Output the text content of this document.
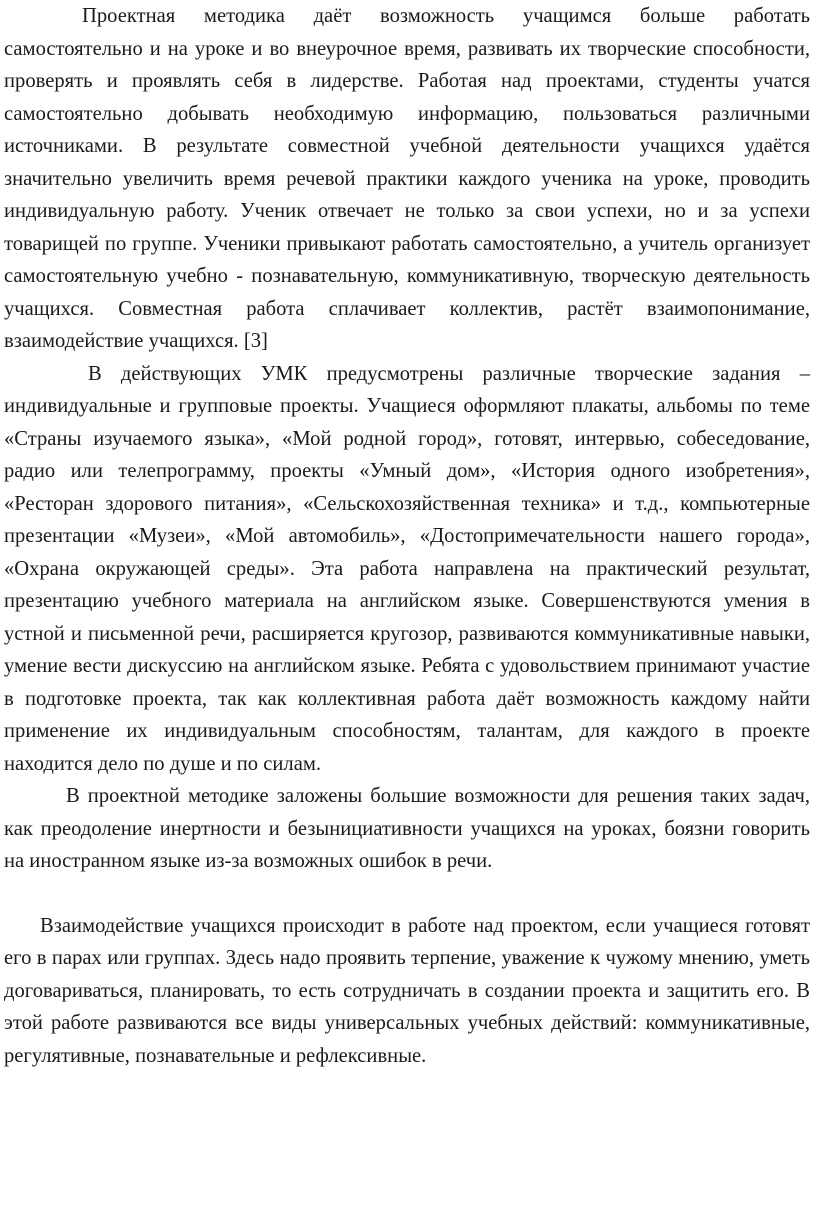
Проектная методика даёт возможность учащимся больше работать самостоятельно и на уроке и во внеурочное время, развивать их творческие способности, проверять и проявлять себя в лидерстве. Работая над проектами, студенты учатся самостоятельно добывать необходимую информацию, пользоваться различными источниками. В результате совместной учебной деятельности учащихся удаётся значительно увеличить время речевой практики каждого ученика на уроке, проводить индивидуальную работу. Ученик отвечает не только за свои успехи, но и за успехи товарищей по группе. Ученики привыкают работать самостоятельно, а учитель организует самостоятельную учебно - познавательную, коммуникативную, творческую деятельность учащихся. Совместная работа сплачивает коллектив, растёт взаимопонимание, взаимодействие учащихся. [3]

В действующих УМК предусмотрены различные творческие задания – индивидуальные и групповые проекты. Учащиеся оформляют плакаты, альбомы по теме «Страны изучаемого языка», «Мой родной город», готовят, интервью, собеседование, радио или телепрограмму, проекты «Умный дом», «История одного изобретения», «Ресторан здорового питания», «Сельскохозяйственная техника» и т.д., компьютерные презентации «Музеи», «Мой автомобиль», «Достопримечательности нашего города», «Охрана окружающей среды». Эта работа направлена на практический результат, презентацию учебного материала на английском языке. Совершенствуются умения в устной и письменной речи, расширяется кругозор, развиваются коммуникативные навыки, умение вести дискуссию на английском языке. Ребята с удовольствием принимают участие в подготовке проекта, так как коллективная работа даёт возможность каждому найти применение их индивидуальным способностям, талантам, для каждого в проекте находится дело по душе и по силам.

В проектной методике заложены большие возможности для решения таких задач, как преодоление инертности и безынициативности учащихся на уроках, боязни говорить на иностранном языке из-за возможных ошибок в речи.

Взаимодействие учащихся происходит в работе над проектом, если учащиеся готовят его в парах или группах. Здесь надо проявить терпение, уважение к чужому мнению, уметь договариваться, планировать, то есть сотрудничать в создании проекта и защитить его. В этой работе развиваются все виды универсальных учебных действий: коммуникативные, регулятивные, познавательные и рефлексивные.
